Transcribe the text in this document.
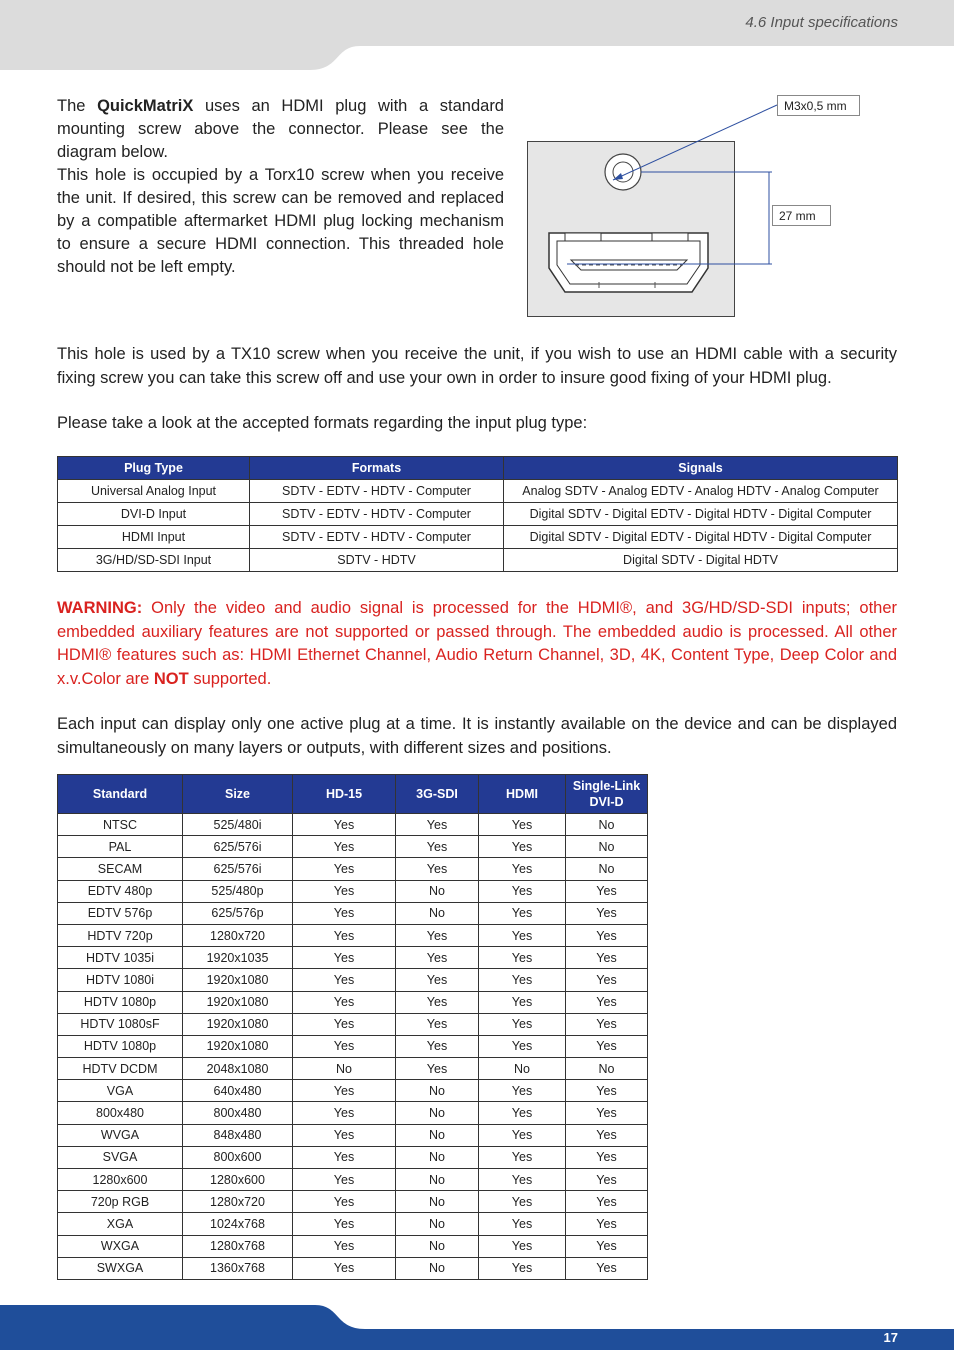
4.6 Input specifications
The QuickMatriX uses an HDMI plug with a standard mounting screw above the connector. Please see the diagram below.
This hole is occupied by a Torx10 screw when you receive the unit. If desired, this screw can be removed and replaced by a compatible aftermarket HDMI plug locking mechanism to ensure a secure HDMI connection. This threaded hole should not be left empty.
M3x0,5 mm
27 mm
This hole is used by a TX10 screw when you receive the unit, if you wish to use an HDMI cable with a security fixing screw you can take this screw off and use your own in order to insure good fixing of your HDMI plug.
Please take a look at the accepted formats regarding the input plug type:
Plug Type	Formats	Signals
Universal Analog Input	SDTV - EDTV - HDTV - Computer	Analog SDTV - Analog EDTV - Analog HDTV - Analog Computer
DVI-D Input	SDTV - EDTV - HDTV - Computer	Digital SDTV - Digital EDTV - Digital HDTV - Digital Computer
HDMI Input	SDTV - EDTV - HDTV - Computer	Digital SDTV - Digital EDTV - Digital HDTV - Digital Computer
3G/HD/SD-SDI Input	SDTV - HDTV	Digital SDTV - Digital HDTV
WARNING: Only the video and audio signal is processed for the HDMI®, and 3G/HD/SD-SDI inputs; other embedded auxiliary features are not supported or passed through. The embedded audio is processed. All other HDMI® features such as: HDMI Ethernet Channel, Audio Return Channel, 3D, 4K, Content Type, Deep Color and x.v.Color are NOT supported.
Each input can display only one active plug at a time. It is instantly available on the device and can be displayed simultaneously on many layers or outputs, with different sizes and positions.
Standard	Size	HD-15	3G-SDI	HDMI	Single-Link DVI-D
NTSC	525/480i	Yes	Yes	Yes	No
PAL	625/576i	Yes	Yes	Yes	No
SECAM	625/576i	Yes	Yes	Yes	No
EDTV 480p	525/480p	Yes	No	Yes	Yes
EDTV 576p	625/576p	Yes	No	Yes	Yes
HDTV 720p	1280x720	Yes	Yes	Yes	Yes
HDTV 1035i	1920x1035	Yes	Yes	Yes	Yes
HDTV 1080i	1920x1080	Yes	Yes	Yes	Yes
HDTV 1080p	1920x1080	Yes	Yes	Yes	Yes
HDTV 1080sF	1920x1080	Yes	Yes	Yes	Yes
HDTV 1080p	1920x1080	Yes	Yes	Yes	Yes
HDTV DCDM	2048x1080	No	Yes	No	No
VGA	640x480	Yes	No	Yes	Yes
800x480	800x480	Yes	No	Yes	Yes
WVGA	848x480	Yes	No	Yes	Yes
SVGA	800x600	Yes	No	Yes	Yes
1280x600	1280x600	Yes	No	Yes	Yes
720p RGB	1280x720	Yes	No	Yes	Yes
XGA	1024x768	Yes	No	Yes	Yes
WXGA	1280x768	Yes	No	Yes	Yes
SWXGA	1360x768	Yes	No	Yes	Yes
17
